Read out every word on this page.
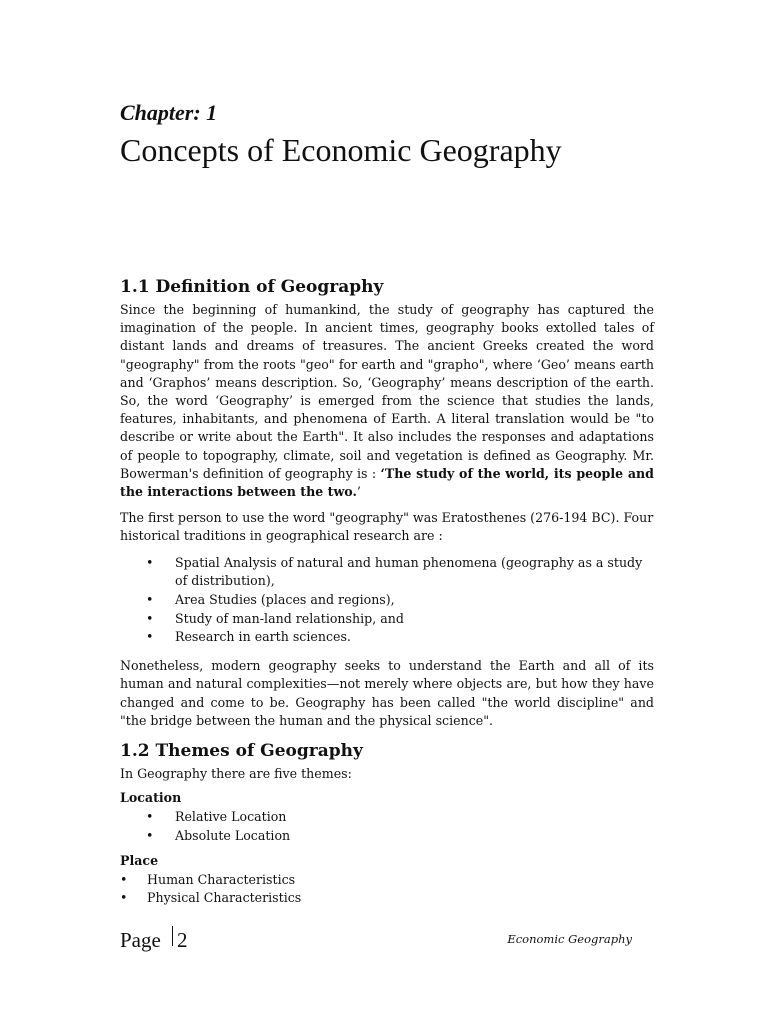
Chapter: 1
Concepts of Economic Geography
1.1 Definition of Geography

Since the beginning of humankind, the study of geography has captured the imagination of the people. In ancient times, geography books extolled tales of distant lands and dreams of treasures. The ancient Greeks created the word "geography" from the roots "geo" for earth and "grapho", where ‘Geo’ means earth and ‘Graphos’ means description. So, ‘Geography’ means description of the earth. So, the word ‘Geography’ is emerged from the science that studies the lands, features, inhabitants, and phenomena of Earth. A literal translation would be "to describe or write about the Earth". It also includes the responses and adaptations of people to topography, climate, soil and vegetation is defined as Geography. Mr. Bowerman's definition of geography is : ‘The study of the world, its people and the interactions between the two.’

The first person to use the word "geography" was Eratosthenes (276-194 BC). Four historical traditions in geographical research are :

• Spatial Analysis of natural and human phenomena (geography as a study of distribution),
• Area Studies (places and regions),
• Study of man-land relationship, and
• Research in earth sciences.

Nonetheless, modern geography seeks to understand the Earth and all of its human and natural complexities—not merely where objects are, but how they have changed and come to be. Geography has been called "the world discipline" and "the bridge between the human and the physical science".

1.2 Themes of Geography

In Geography there are five themes:

Location
• Relative Location
• Absolute Location
Place
• Human Characteristics
• Physical Characteristics
Page 2	Economic Geography
